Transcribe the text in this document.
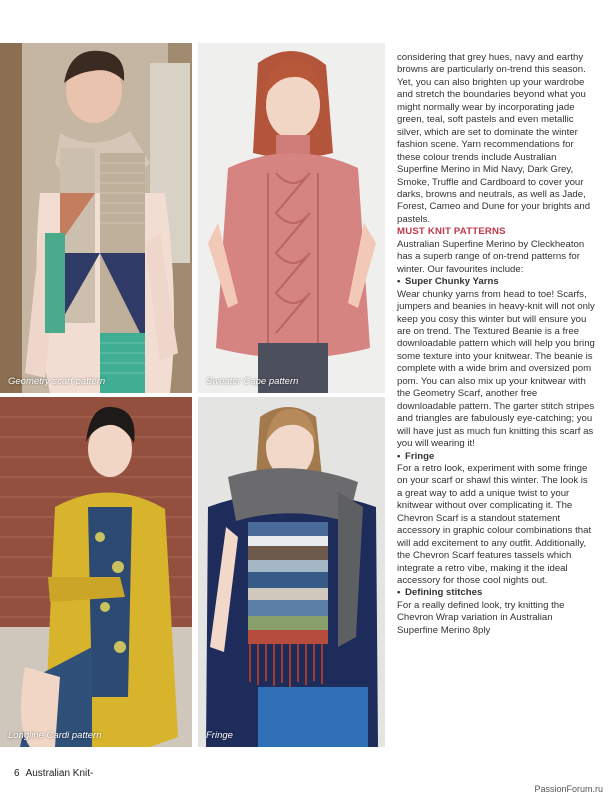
Geometry scarf pattern	Sweater Cape pattern
Longline Cardi pattern	Fringe

considering that grey hues, navy and earthy browns are particularly on-trend this season. Yet, you can also brighten up your wardrobe and stretch the boundaries beyond what you might normally wear by incorporating jade green, teal, soft pastels and even metallic silver, which are set to dominate the winter fashion scene. Yarn recommendations for these colour trends include Australian Superfine Merino in Mid Navy, Dark Grey, Smoke, Truffle and Cardboard to cover your darks, browns and neutrals, as well as Jade, Forest, Cameo and Dune for your brights and pastels.

MUST KNIT PATTERNS

Australian Superfine Merino by Cleckheaton has a superb range of on-trend patterns for winter. Our favourites include:

• Super Chunky Yarns

Wear chunky yarns from head to toe! Scarfs, jumpers and beanies in heavy-knit will not only keep you cosy this winter but will ensure you are on trend. The Textured Beanie is a free downloadable pattern which will help you bring some texture into your knitwear. The beanie is complete with a wide brim and oversized pom pom. You can also mix up your knitwear with the Geometry Scarf, another free downloadable pattern. The garter stitch stripes and triangles are fabulously eye-catching; you will have just as much fun knitting this scarf as you will wearing it!

• Fringe

For a retro look, experiment with some fringe on your scarf or shawl this winter. The look is a great way to add a unique twist to your knitwear without over complicating it. The Chevron Scarf is a standout statement accessory in graphic colour combinations that will add excitement to any outfit. Additionally, the Chevron Scarf features tassels which integrate a retro vibe, making it the ideal accessory for those cool nights out.

• Defining stitches

For a really defined look, try knitting the Chevron Wrap variation in Australian Superfine Merino 8ply

6 Australian Knit-
PassionForum.ru
